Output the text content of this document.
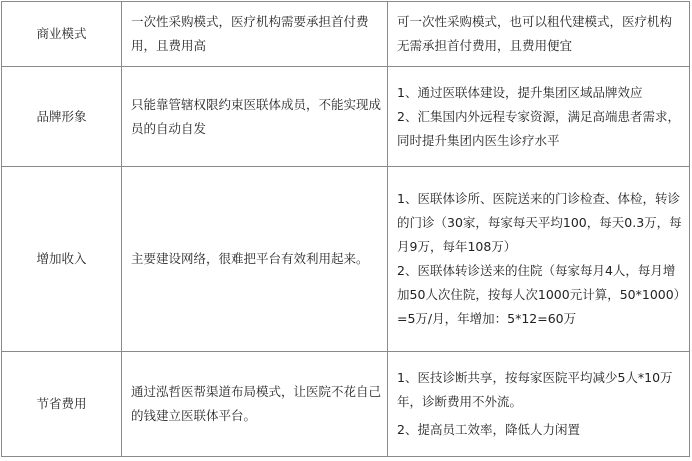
商业模式	一次性采购模式，医疗机构需要承担首付费用，且费用高	可一次性采购模式，也可以租代建模式，医疗机构无需承担首付费用，且费用便宜
品牌形象	只能靠管辖权限约束医联体成员，不能实现成员的自动自发	1、通过医联体建设，提升集团区域品牌效应
2、汇集国内外远程专家资源，满足高端患者需求，同时提升集团内医生诊疗水平

增加收入	主要建设网络，很难把平台有效利用起来。	1、医联体诊所、医院送来的门诊检查、体检，转诊的门诊（30家，每家每天平均100，每天0.3万，每月9万，每年108万）
2、医联体转诊送来的住院（每家每月4人，每月增加50人次住院，按每人次1000元计算，50*1000）=5万/月，年增加：5*12=60万

节省费用	通过泓哲医帮渠道布局模式，让医院不花自己的钱建立医联体平台。	1、医技诊断共享，按每家医院平均减少5人*10万年，诊断费用不外流。
2、提高员工效率，降低人力闲置
